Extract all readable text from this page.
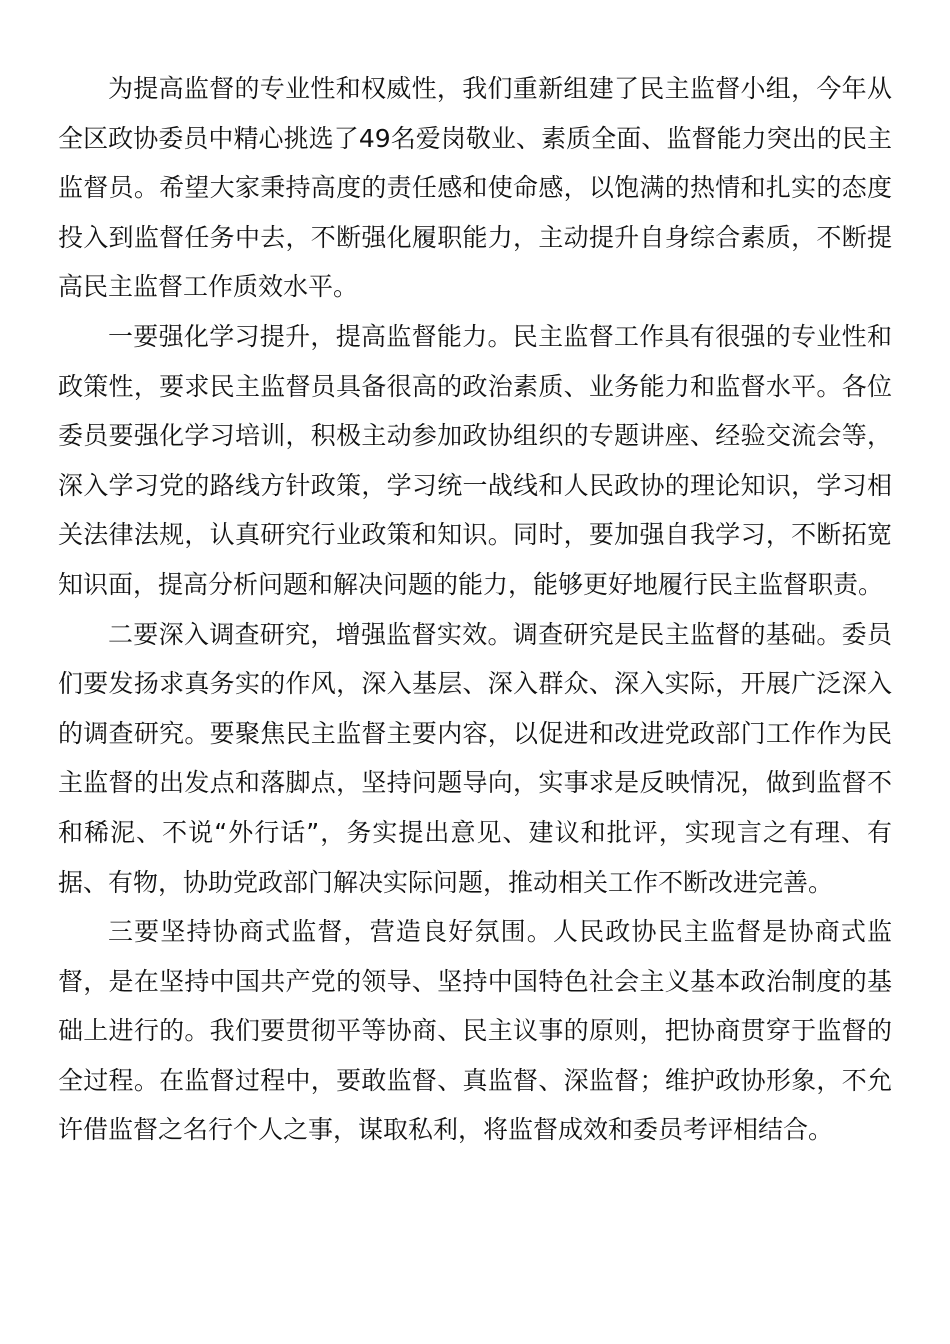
为提高监督的专业性和权威性，我们重新组建了民主监督小组，今年从全区政协委员中精心挑选了49名爱岗敬业、素质全面、监督能力突出的民主监督员。希望大家秉持高度的责任感和使命感，以饱满的热情和扎实的态度投入到监督任务中去，不断强化履职能力，主动提升自身综合素质，不断提高民主监督工作质效水平。

一要强化学习提升，提高监督能力。民主监督工作具有很强的专业性和政策性，要求民主监督员具备很高的政治素质、业务能力和监督水平。各位委员要强化学习培训，积极主动参加政协组织的专题讲座、经验交流会等，深入学习党的路线方针政策，学习统一战线和人民政协的理论知识，学习相关法律法规，认真研究行业政策和知识。同时，要加强自我学习，不断拓宽知识面，提高分析问题和解决问题的能力，能够更好地履行民主监督职责。

二要深入调查研究，增强监督实效。调查研究是民主监督的基础。委员们要发扬求真务实的作风，深入基层、深入群众、深入实际，开展广泛深入的调查研究。要聚焦民主监督主要内容，以促进和改进党政部门工作作为民主监督的出发点和落脚点，坚持问题导向，实事求是反映情况，做到监督不和稀泥、不说“外行话”，务实提出意见、建议和批评，实现言之有理、有据、有物，协助党政部门解决实际问题，推动相关工作不断改进完善。

三要坚持协商式监督，营造良好氛围。人民政协民主监督是协商式监督，是在坚持中国共产党的领导、坚持中国特色社会主义基本政治制度的基础上进行的。我们要贯彻平等协商、民主议事的原则，把协商贯穿于监督的全过程。在监督过程中，要敢监督、真监督、深监督；维护政协形象，不允许借监督之名行个人之事，谋取私利，将监督成效和委员考评相结合。
